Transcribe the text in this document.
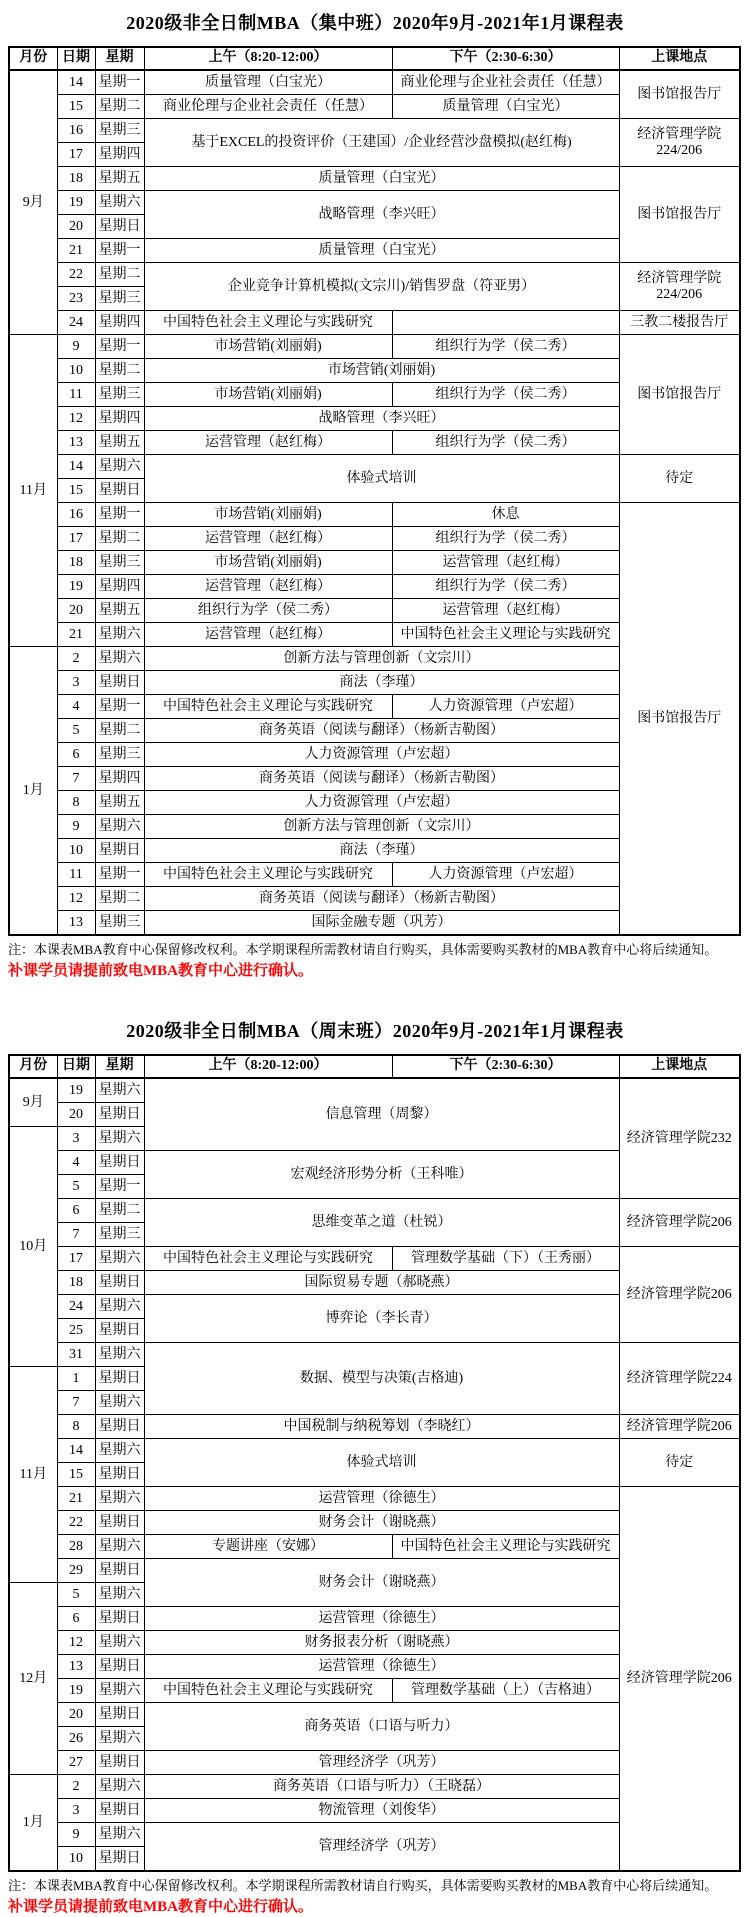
2020级非全日制MBA（集中班）2020年9月-2021年1月课程表
月份	日期	星期	上午（8:20-12:00）	下午（2:30-6:30）	上课地点
9月	14	星期一	质量管理（白宝光）	商业伦理与企业社会责任（任慧）	图书馆报告厅
	15	星期二	商业伦理与企业社会责任（任慧）	质量管理（白宝光）	
	16	星期三	基于EXCEL的投资评价（王建国）/企业经营沙盘模拟(赵红梅)		经济管理学院 224/206
	17	星期四			
	18	星期五	质量管理（白宝光）		图书馆报告厅
	19	星期六	战略管理（李兴旺）		
	20	星期日			
	21	星期一	质量管理（白宝光）		
	22	星期二	企业竞争计算机模拟(文宗川)/销售罗盘（符亚男）		经济管理学院 224/206
	23	星期三			
	24	星期四	中国特色社会主义理论与实践研究		三教二楼报告厅
11月	9	星期一	市场营销(刘丽娟)	组织行为学（侯二秀）	图书馆报告厅
	10	星期二	市场营销(刘丽娟)		
	11	星期三	市场营销(刘丽娟)	组织行为学（侯二秀）	
	12	星期四	战略管理（李兴旺）		
	13	星期五	运营管理（赵红梅）	组织行为学（侯二秀）	
	14	星期六	体验式培训		待定
	15	星期日			
	16	星期一	市场营销(刘丽娟)	休息	图书馆报告厅
	17	星期二	运营管理（赵红梅）	组织行为学（侯二秀）	
	18	星期三	市场营销(刘丽娟)	运营管理（赵红梅）	
	19	星期四	运营管理（赵红梅）	组织行为学（侯二秀）	
	20	星期五	组织行为学（侯二秀）	运营管理（赵红梅）	
	21	星期六	运营管理（赵红梅）	中国特色社会主义理论与实践研究	
1月	2	星期六	创新方法与管理创新（文宗川）		
	3	星期日	商法（李瑾）		
	4	星期一	中国特色社会主义理论与实践研究	人力资源管理（卢宏超）	
	5	星期二	商务英语（阅读与翻译）（杨新吉勒图）		
	6	星期三	人力资源管理（卢宏超）		
	7	星期四	商务英语（阅读与翻译）（杨新吉勒图）		
	8	星期五	人力资源管理（卢宏超）		
	9	星期六	创新方法与管理创新（文宗川）		
	10	星期日	商法（李瑾）		
	11	星期一	中国特色社会主义理论与实践研究	人力资源管理（卢宏超）	
	12	星期二	商务英语（阅读与翻译）（杨新吉勒图）		
	13	星期三	国际金融专题（巩芳）		

注：本课表MBA教育中心保留修改权利。本学期课程所需教材请自行购买，具体需要购买教材的MBA教育中心将后续通知。

补课学员请提前致电MBA教育中心进行确认。

2020级非全日制MBA（周末班）2020年9月-2021年1月课程表
月份	日期	星期	上午（8:20-12:00）	下午（2:30-6:30）	上课地点
9月	19	星期六	信息管理（周黎）		经济管理学院232
	20	星期日			
10月	3	星期六			
	4	星期日	宏观经济形势分析（王科唯）		
	5	星期一			
	6	星期二	思维变革之道（杜锐）		经济管理学院206
	7	星期三			
	17	星期六	中国特色社会主义理论与实践研究	管理数学基础（下）（王秀丽）	经济管理学院206
	18	星期日	国际贸易专题（郝晓燕）		
	24	星期六	博弈论（李长青）		
	25	星期日			
	31	星期六	数据、模型与决策(吉格迪)		经济管理学院224
11月	1	星期日			
	7	星期六			
	8	星期日	中国税制与纳税筹划（李晓红）		经济管理学院206
	14	星期六	体验式培训		待定
	15	星期日			
	21	星期六	运营管理（徐德生）		经济管理学院206
	22	星期日	财务会计（谢晓燕）		
	28	星期六	专题讲座（安娜）	中国特色社会主义理论与实践研究	
	29	星期日	财务会计（谢晓燕）		
12月	5	星期六			
	6	星期日	运营管理（徐德生）		
	12	星期六	财务报表分析（谢晓燕）		
	13	星期日	运营管理（徐德生）		
	19	星期六	中国特色社会主义理论与实践研究	管理数学基础（上）（吉格迪）	
	20	星期日	商务英语（口语与听力）		
	26	星期六			
	27	星期日	管理经济学（巩芳）		
1月	2	星期六	商务英语（口语与听力）（王晓磊）		
	3	星期日	物流管理（刘俊华）		
	9	星期六	管理经济学（巩芳）		
	10	星期日			

注：本课表MBA教育中心保留修改权利。本学期课程所需教材请自行购买，具体需要购买教材的MBA教育中心将后续通知。

补课学员请提前致电MBA教育中心进行确认。
